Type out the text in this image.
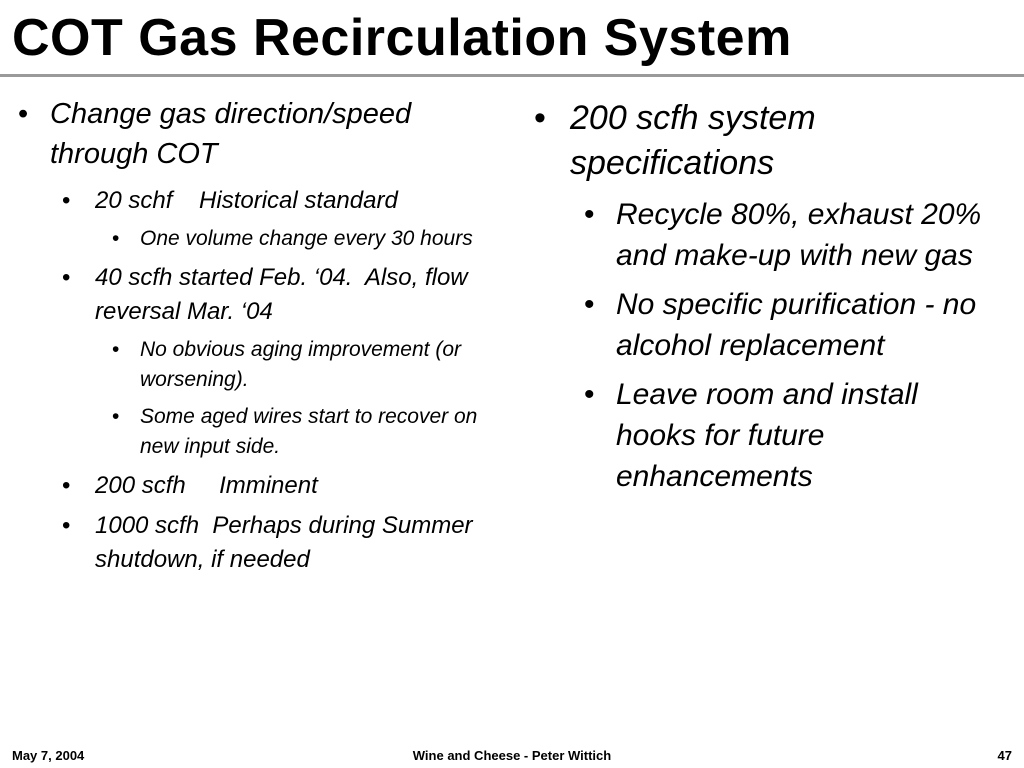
COT Gas Recirculation System

• Change gas direction/speed through COT

• 20 schf    Historical standard

• One volume change every 30 hours

• 40 scfh started Feb. ‘04.  Also, flow reversal Mar. ‘04

• No obvious aging improvement (or worsening).

• Some aged wires start to recover on new input side.

• 200 scfh     Imminent

• 1000 scfh  Perhaps during Summer shutdown, if needed

• 200 scfh system specifications

• Recycle 80%, exhaust 20% and make-up with new gas

• No specific purification - no alcohol replacement

• Leave room and install hooks for future enhancements

May 7, 2004	Wine and Cheese - Peter Wittich	47
